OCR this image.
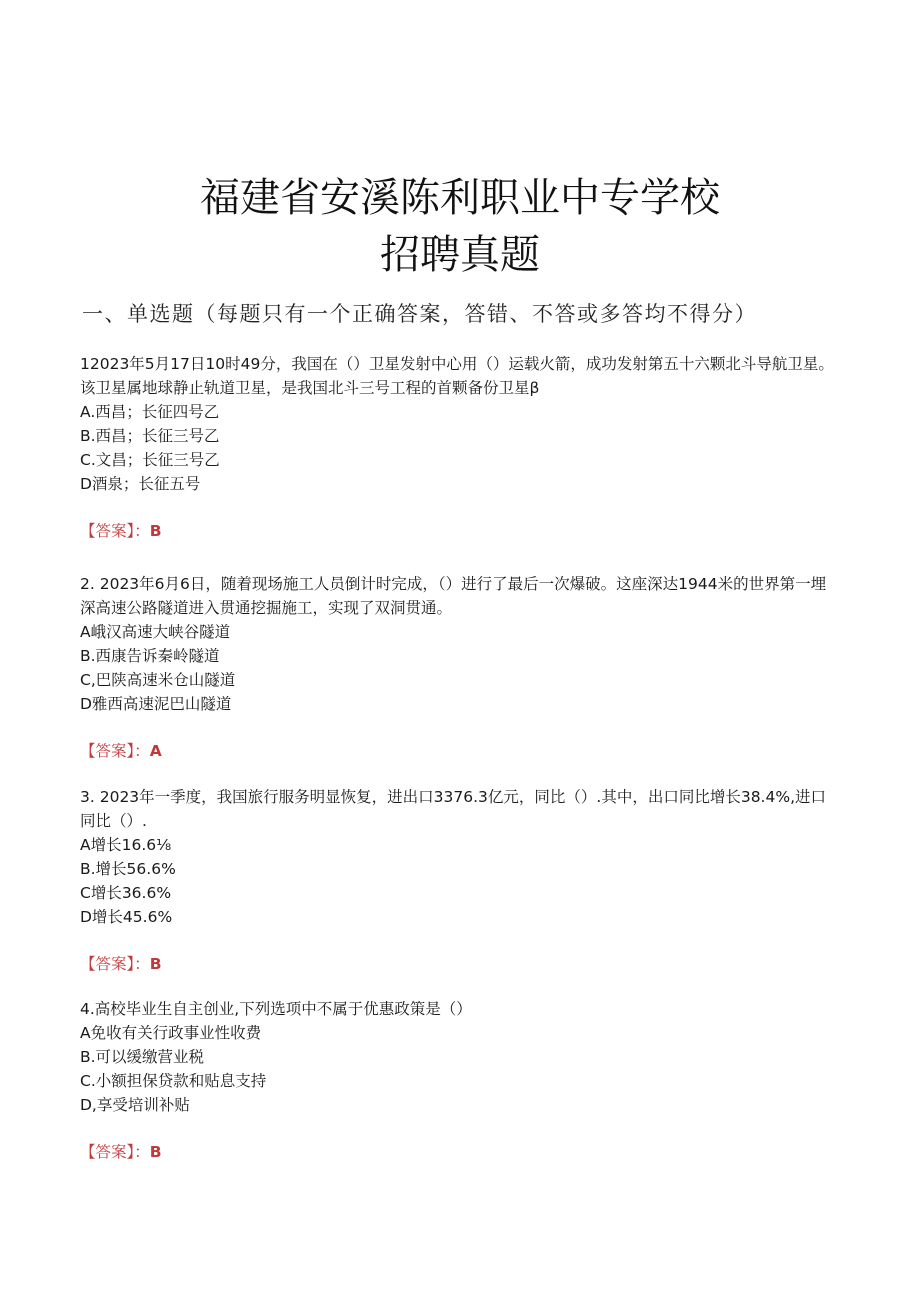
福建省安溪陈利职业中专学校
招聘真题

一、单选题（每题只有一个正确答案，答错、不答或多答均不得分）

12023年5月17日10时49分，我国在（）卫星发射中心用（）运载火箭，成功发射第五十六颗北斗导航卫星。该卫星属地球静止轨道卫星，是我国北斗三号工程的首颗备份卫星β

A.西昌；长征四号乙

B.西昌；长征三号乙

C.文昌；长征三号乙

D酒泉；长征五号

【答案】：B

2. 2023年6月6日，随着现场施工人员倒计时完成，（）进行了最后一次爆破。这座深达1944米的世界第一埋深高速公路隧道进入贯通挖掘施工，实现了双洞贯通。

A峨汉高速大峡谷隧道

B.西康告诉秦岭隧道

C,巴陕高速米仓山隧道

D雅西高速泥巴山隧道

【答案】：A

3. 2023年一季度，我国旅行服务明显恢复，进出口3376.3亿元，同比（）.其中，出口同比增长38.4%,进口同比（）.

A增长16.6⅛

B.增长56.6%

C增长36.6%

D增长45.6%

【答案】：B

4.高校毕业生自主创业,下列选项中不属于优惠政策是（）

A免收有关行政事业性收费

B.可以缓缴营业税

C.小额担保贷款和贴息支持

D,享受培训补贴

【答案】：B
